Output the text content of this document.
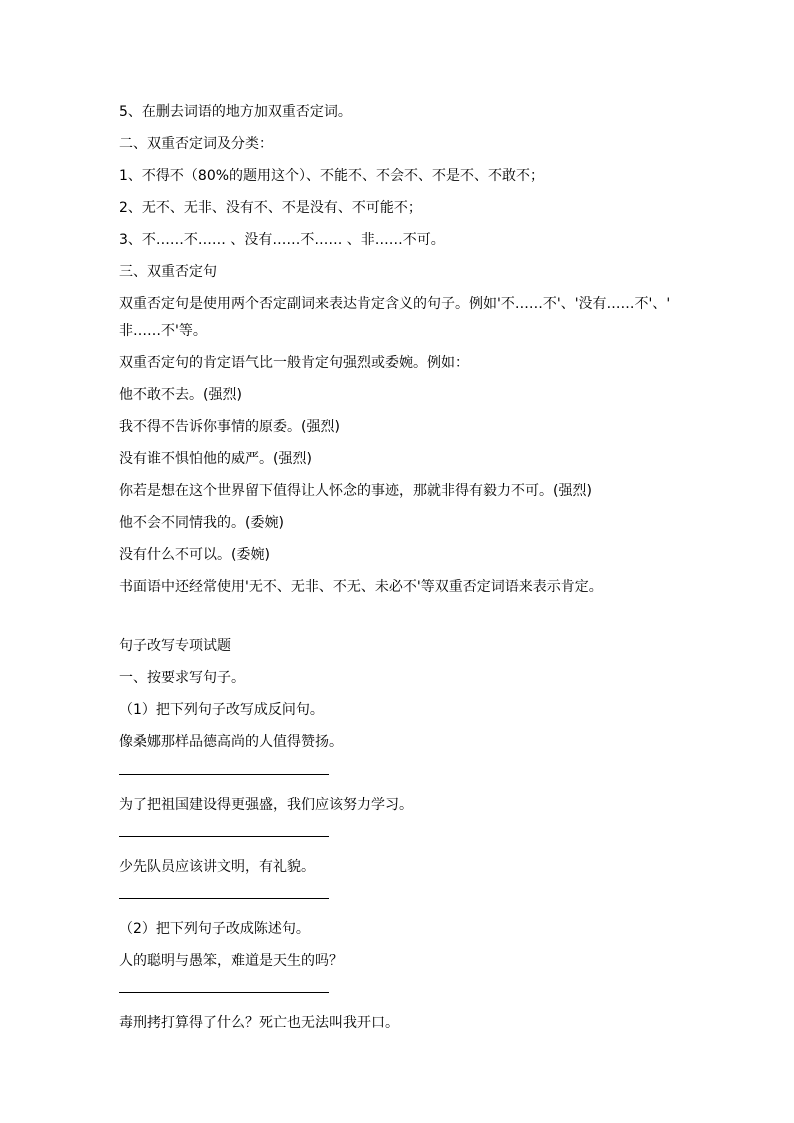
5、在删去词语的地方加双重否定词。
二、双重否定词及分类：
1、不得不（80%的题用这个）、不能不、不会不、不是不、不敢不；
2、无不、无非、没有不、不是没有、不可能不；
3、不……不…… 、没有……不…… 、非……不可。
三、双重否定句
双重否定句是使用两个否定副词来表达肯定含义的句子。例如'不……不'、'没有……不'、'
非……不'等。
双重否定句的肯定语气比一般肯定句强烈或委婉。例如：
他不敢不去。(强烈)
我不得不告诉你事情的原委。(强烈)
没有谁不惧怕他的威严。(强烈)
你若是想在这个世界留下值得让人怀念的事迹，那就非得有毅力不可。(强烈)
他不会不同情我的。(委婉)
没有什么不可以。(委婉)
书面语中还经常使用'无不、无非、不无、未必不'等双重否定词语来表示肯定。
句子改写专项试题
一、按要求写句子。
（1）把下列句子改写成反问句。
像桑娜那样品德高尚的人值得赞扬。
为了把祖国建设得更强盛，我们应该努力学习。
少先队员应该讲文明，有礼貌。
（2）把下列句子改成陈述句。
人的聪明与愚笨，难道是天生的吗？
毒刑拷打算得了什么？死亡也无法叫我开口。
